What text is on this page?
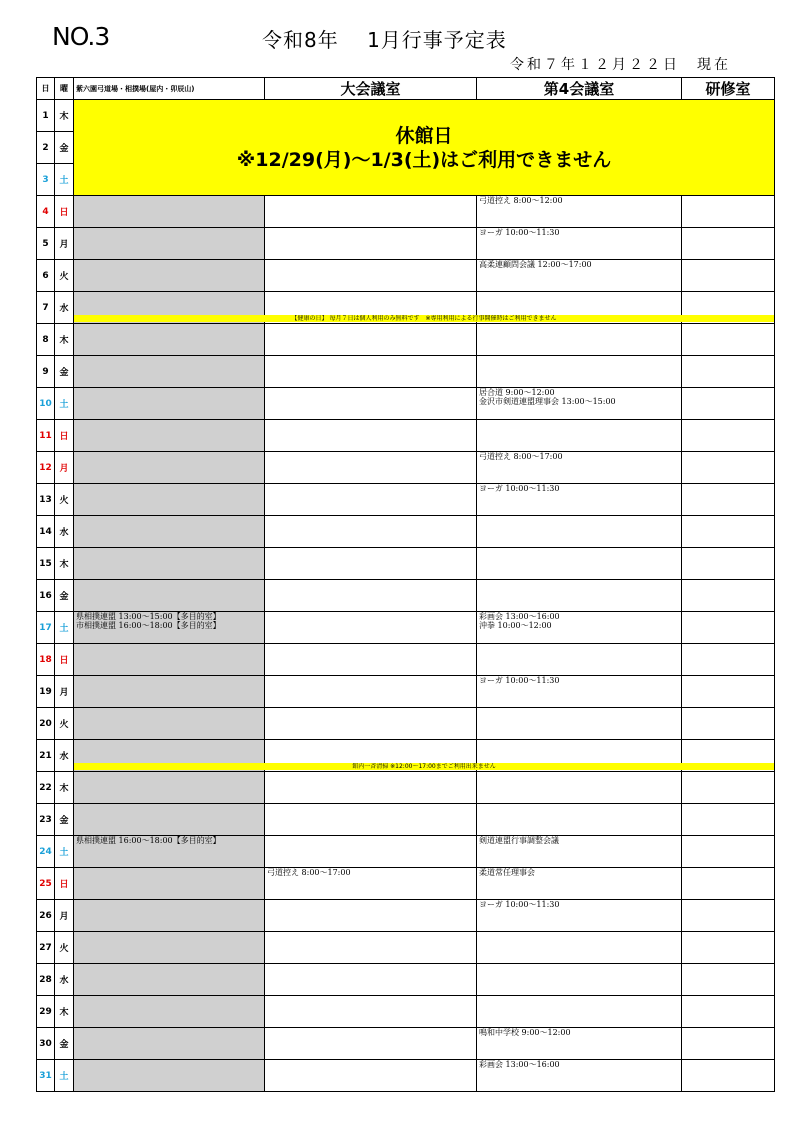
NO.3	令和8年　 1月行事予定表
令和７年１２月２２日　現在
日	曜	紫六園弓道場・相撲場(屋内・卯辰山)	大会議室	第4会議室	研修室
1	木	休館日
※12/29(月)～1/3(土)はご利用できません			

2	金				
3	土				
4	日			弓道控え 8:00～12:00	
5	月			ヨーガ 10:00～11:30	
6	火			高柔連顧問会議 12:00～17:00	
7	水				
8	木				
9	金				
10	土			居合道 9:00～12:00
金沢市剣道連盟理事会 13:00～15:00	
11	日				
12	月			弓道控え 8:00～17:00	
13	火			ヨーガ 10:00～11:30	
14	水				
15	木				
16	金				
17	土	県相撲連盟 13:00～15:00【多目的室】
市相撲連盟 16:00～18:00【多目的室】		彩画会 13:00～16:00
沖拳 10:00～12:00	
18	日				
19	月			ヨーガ 10:00～11:30	
20	火				
21	水				
22	木				
23	金				
24	土	県相撲連盟 16:00～18:00【多目的室】		剣道連盟行事調整会議	
25	日		弓道控え 8:00～17:00	柔道常任理事会	
26	月			ヨーガ 10:00～11:30	
27	火				
28	水				
29	木				
30	金			鳴和中学校 9:00～12:00	
31	土			彩画会 13:00～16:00	
【健康の日】 毎月７日は個人利用のみ無料です　※専用利用による行事開催時はご利用できません
館内一斉清掃 ※12:00～17:00までご利用出来ません
